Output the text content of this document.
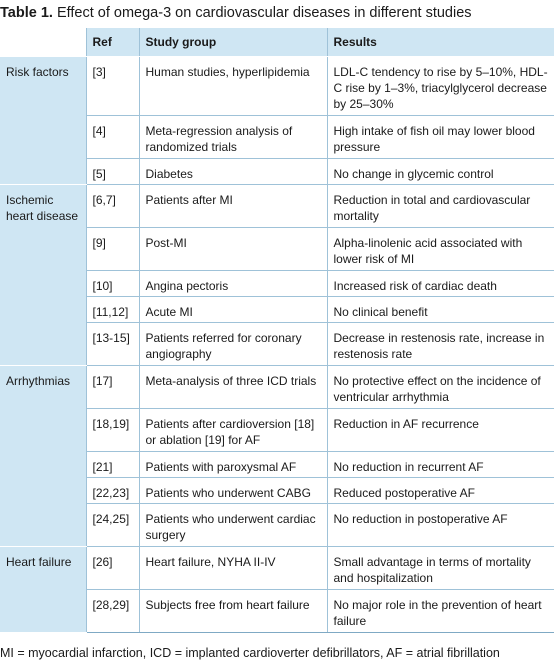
Table 1. Effect of omega-3 on cardiovascular diseases in different studies
	Ref	Study group	Results
Risk factors	[3]	Human studies, hyperlipidemia	LDL-C tendency to rise by 5–10%, HDL-C rise by 1–3%, triacylglycerol decrease by 25–30%
	[4]	Meta-regression analysis of randomized trials	High intake of fish oil may lower blood pressure
	[5]	Diabetes	No change in glycemic control
Ischemic heart disease	[6,7]	Patients after MI	Reduction in total and cardiovascular mortality
	[9]	Post-MI	Alpha-linolenic acid associated with lower risk of MI
	[10]	Angina pectoris	Increased risk of cardiac death
	[11,12]	Acute MI	No clinical benefit
	[13-15]	Patients referred for coronary angiography	Decrease in restenosis rate, increase in restenosis rate
Arrhythmias	[17]	Meta-analysis of three ICD trials	No protective effect on the incidence of ventricular arrhythmia
	[18,19]	Patients after cardioversion [18] or ablation [19] for AF	Reduction in AF recurrence
	[21]	Patients with paroxysmal AF	No reduction in recurrent AF
	[22,23]	Patients who underwent CABG	Reduced postoperative AF
	[24,25]	Patients who underwent cardiac surgery	No reduction in postoperative AF
Heart failure	[26]	Heart failure, NYHA II-IV	Small advantage in terms of mortality and hospitalization
	[28,29]	Subjects free from heart failure	No major role in the prevention of heart failure
MI = myocardial infarction, ICD = implanted cardioverter defibrillators, AF = atrial fibrillation
